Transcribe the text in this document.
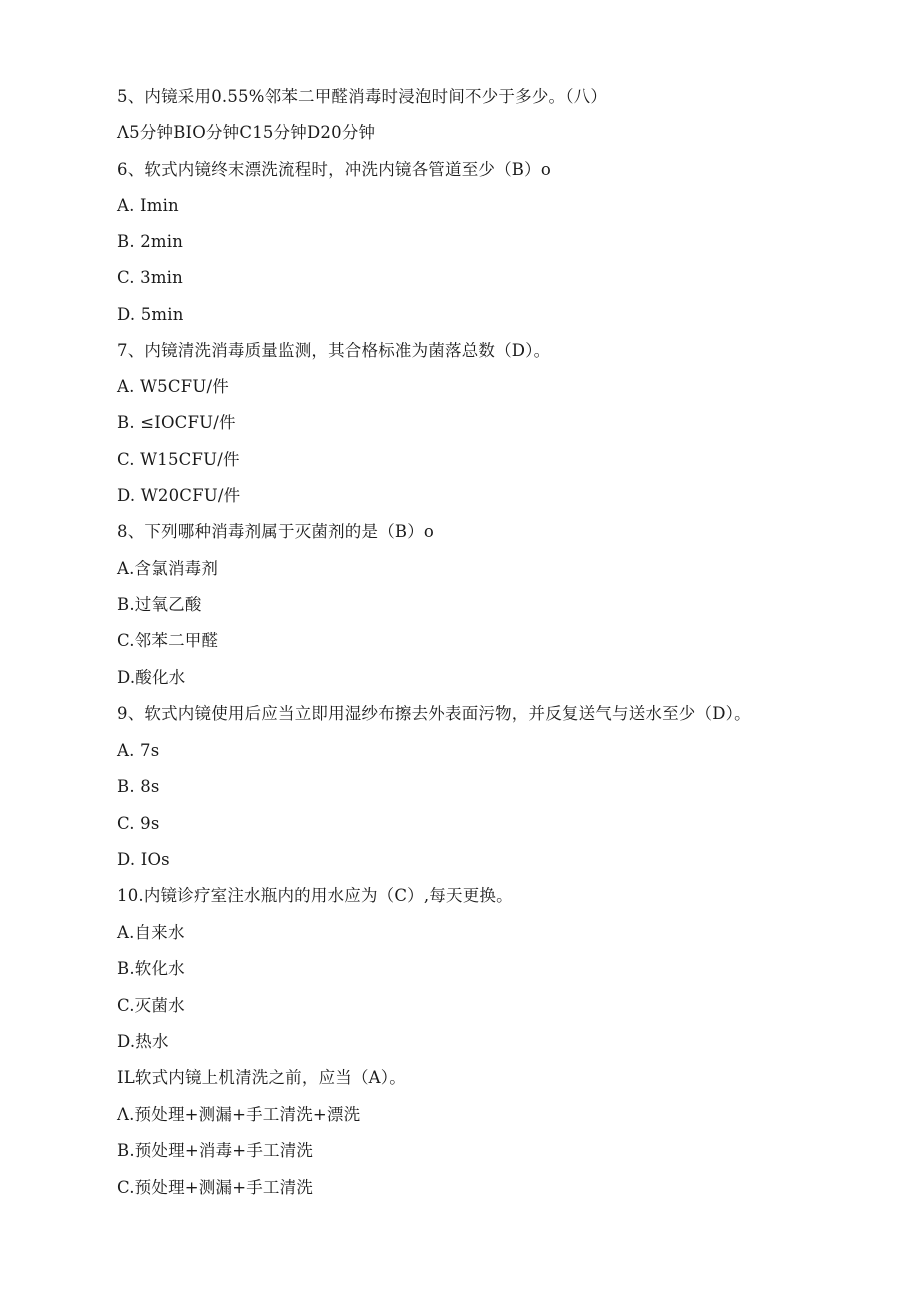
5、内镜采用0.55%邻苯二甲醛消毒时浸泡时间不少于多少。（八）
Λ5分钟BIO分钟C15分钟D20分钟
6、软式内镜终末漂洗流程时，冲洗内镜各管道至少（B）o
A. Imin
B. 2min
C. 3min
D. 5min
7、内镜清洗消毒质量监测，其合格标准为菌落总数（D）。
A. W5CFU/件
B. ≤IOCFU/件
C. W15CFU/件
D. W20CFU/件
8、下列哪种消毒剂属于灭菌剂的是（B）o
A.含氯消毒剂
B.过氧乙酸
C.邻苯二甲醛
D.酸化水
9、软式内镜使用后应当立即用湿纱布擦去外表面污物，并反复送气与送水至少（D）。
A. 7s
B. 8s
C. 9s
D. IOs
10.内镜诊疗室注水瓶内的用水应为（C）,每天更换。
A.自来水
B.软化水
C.灭菌水
D.热水
IL软式内镜上机清洗之前，应当（A）。
Λ.预处理+测漏+手工清洗+漂洗
B.预处理+消毒+手工清洗
C.预处理+测漏+手工清洗
